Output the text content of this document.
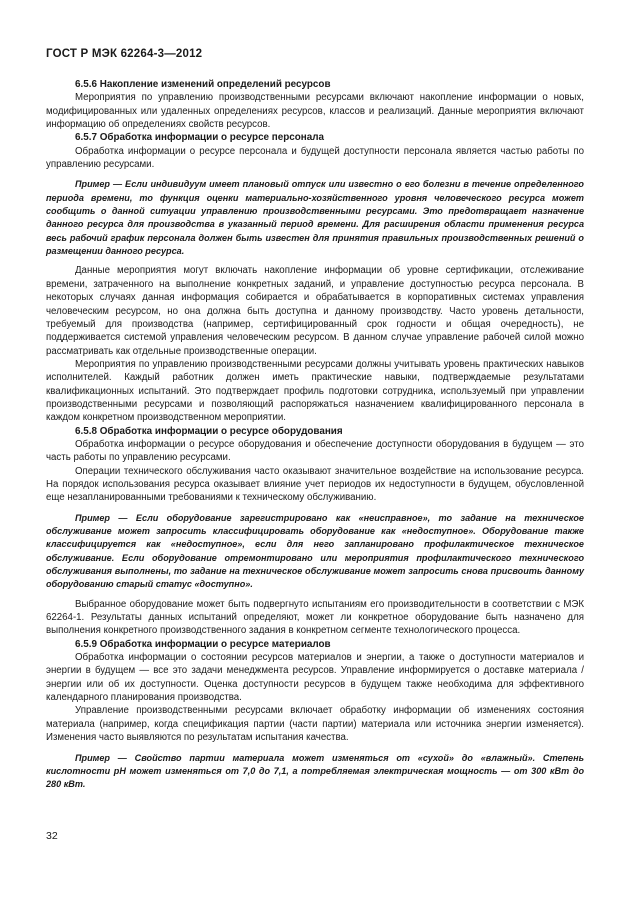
ГОСТ Р МЭК 62264-3—2012
6.5.6 Накопление изменений определений ресурсов

Мероприятия по управлению производственными ресурсами включают накопление информации о новых, модифицированных или удаленных определениях ресурсов, классов и реализаций. Данные мероприятия включают информацию об определениях свойств ресурсов.

6.5.7 Обработка информации о ресурсе персонала

Обработка информации о ресурсе персонала и будущей доступности персонала является частью работы по управлению ресурсами.

Пример — Если индивидуум имеет плановый отпуск или известно о его болезни в течение определенного периода времени, то функция оценки материально-хозяйственного уровня человеческого ресурса может сообщить о данной ситуации управлению производственными ресурсами. Это предотвращает назначение данного ресурса для производства в указанный период времени. Для расширения области применения ресурса весь рабочий график персонала должен быть известен для принятия правильных производственных решений о размещении данного ресурса.

Данные мероприятия могут включать накопление информации об уровне сертификации, отслеживание времени, затраченного на выполнение конкретных заданий, и управление доступностью ресурса персонала. В некоторых случаях данная информация собирается и обрабатывается в корпоративных системах управления человеческим ресурсом, но она должна быть доступна и данному производству. Часто уровень детальности, требуемый для производства (например, сертифицированный срок годности и общая очередность), не поддерживается системой управления человеческим ресурсом. В данном случае управление рабочей силой можно рассматривать как отдельные производственные операции.

Мероприятия по управлению производственными ресурсами должны учитывать уровень практических навыков исполнителей. Каждый работник должен иметь практические навыки, подтверждаемые результатами квалификационных испытаний. Это подтверждает профиль подготовки сотрудника, используемый при управлении производственными ресурсами и позволяющий распоряжаться назначением квалифицированного персонала в каждом конкретном производственном мероприятии.

6.5.8 Обработка информации о ресурсе оборудования

Обработка информации о ресурсе оборудования и обеспечение доступности оборудования в будущем — это часть работы по управлению ресурсами.

Операции технического обслуживания часто оказывают значительное воздействие на использование ресурса. На порядок использования ресурса оказывает влияние учет периодов их недоступности в будущем, обусловленной еще незапланированными требованиями к техническому обслуживанию.

Пример — Если оборудование зарегистрировано как «неисправное», то задание на техническое обслуживание может запросить классифицировать оборудование как «недоступное». Оборудование также классифицируется как «недоступное», если для него запланировано профилактическое техническое обслуживание. Если оборудование отремонтировано или мероприятия профилактического технического обслуживания выполнены, то задание на техническое обслуживание может запросить снова присвоить данному оборудованию старый статус «доступно».

Выбранное оборудование может быть подвергнуто испытаниям его производительности в соответствии с МЭК 62264-1. Результаты данных испытаний определяют, может ли конкретное оборудование быть назначено для выполнения конкретного производственного задания в конкретном сегменте технологического процесса.

6.5.9 Обработка информации о ресурсе материалов

Обработка информации о состоянии ресурсов материалов и энергии, а также о доступности материалов и энергии в будущем — все это задачи менеджмента ресурсов. Управление информируется о доставке материала / энергии или об их доступности. Оценка доступности ресурсов в будущем также необходима для эффективного календарного планирования производства.

Управление производственными ресурсами включает обработку информации об изменениях состояния материала (например, когда спецификация партии (части партии) материала или источника энергии изменяется). Изменения часто выявляются по результатам испытания качества.

Пример — Свойство партии материала может изменяться от «сухой» до «влажный». Степень кислотности pH может изменяться от 7,0 до 7,1, а потребляемая электрическая мощность — от 300 кВт до 280 кВт.

32
